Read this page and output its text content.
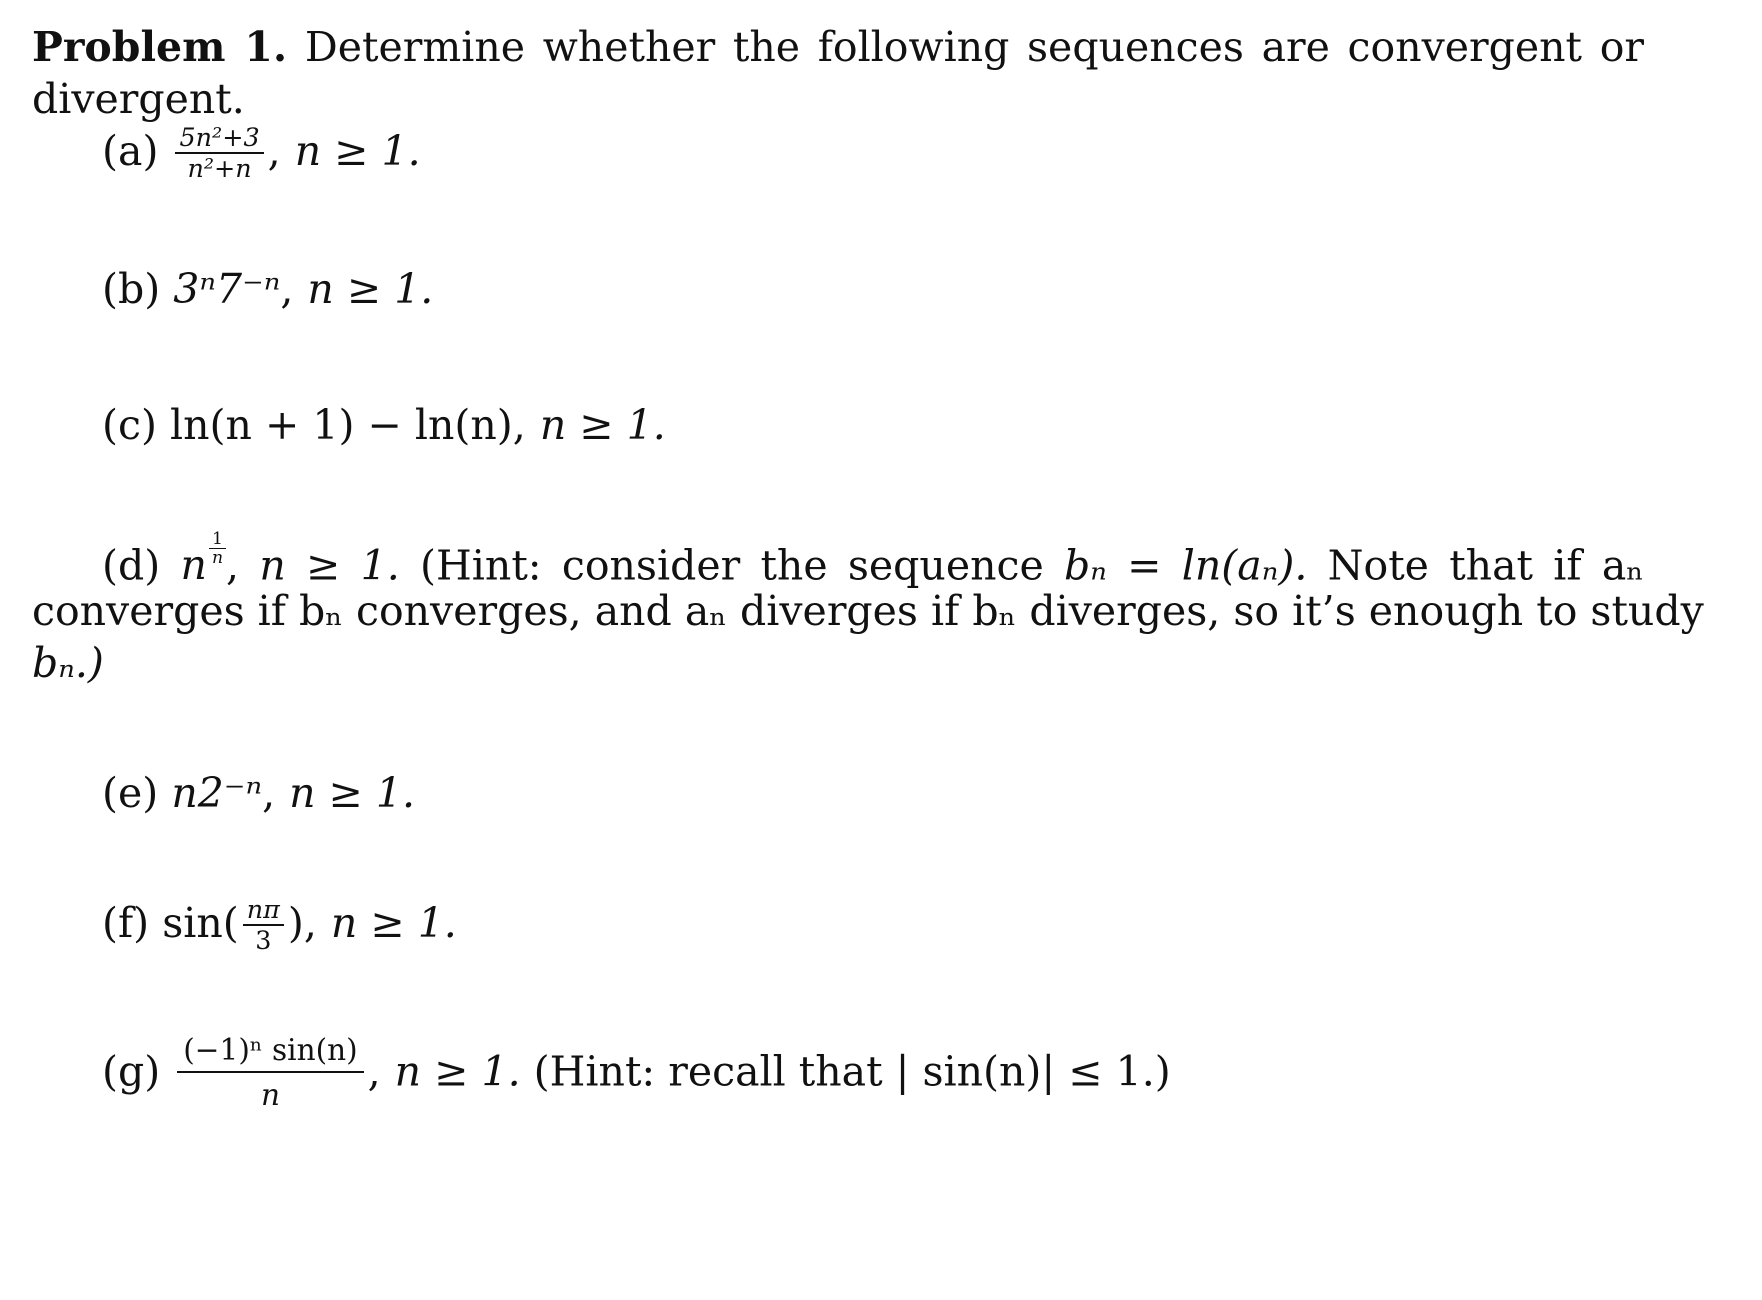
Problem 1. Determine whether the following sequences are convergent or
divergent.
$(a) \frac{\text{5n²+3}}{\text{n²+n}}$ , n ≥ 1.
(b) 3ⁿ7⁻ⁿ, n ≥ 1.
(c) ln(n + 1) − ln(n), n ≥ 1.
(d) n $\frac{1}{n}$ , n ≥ 1. (Hint: consider the sequence bₙ = ln(aₙ). Note that if aₙ
converges if bₙ converges, and aₙ diverges if bₙ diverges, so it’s enough to study
bₙ.)
(e) n2⁻ⁿ, n ≥ 1.
(f) $\sin( \frac{n\pi}{3}$ ), n ≥ 1.
$(g) \frac{\text{(−1)ⁿ sin(n)}}{n}$ , n ≥ 1. (Hint: recall that | sin(n)| ≤ 1.)
